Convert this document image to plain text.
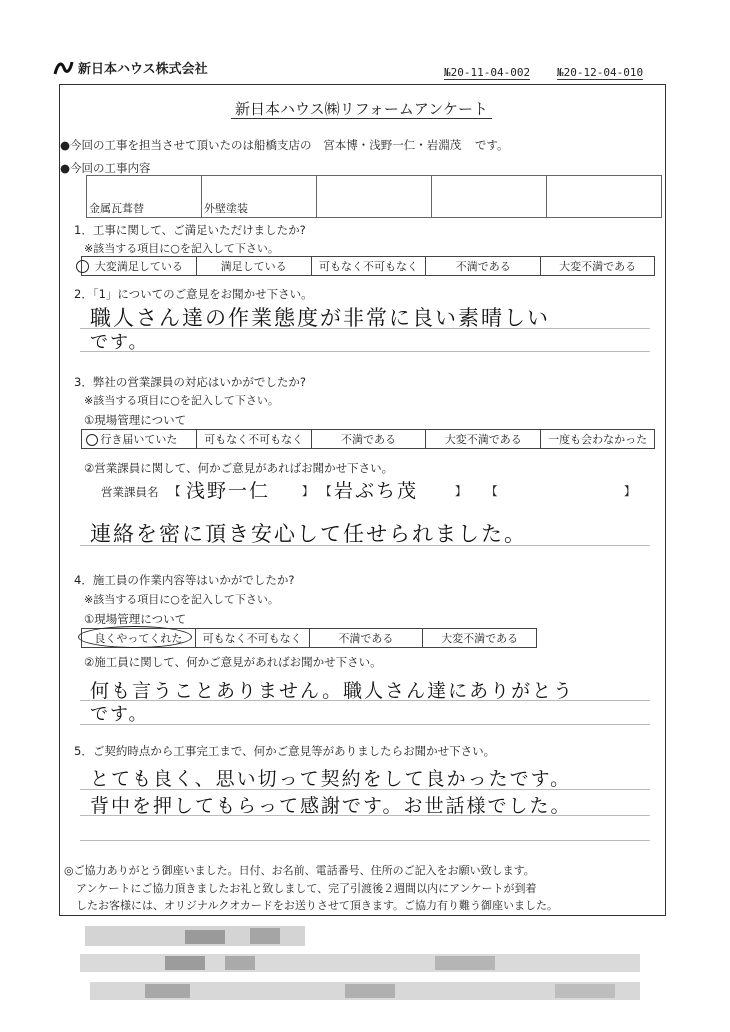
新日本ハウス株式会社	№20-11-04-002 №20-12-04-010
新日本ハウス㈱リフォームアンケート
●今回の工事を担当させて頂いたのは船橋支店の 宮本博・浅野一仁・岩淵茂 です。
●今回の工事内容
金属瓦葺替	外壁塗装			
1．工事に関して、ご満足いただけましたか?
※該当する項目に○を記入して下さい。
大変満足している	満足している	可もなく不可もなく	不満である	大変不満である
2．「1」についてのご意見をお聞かせ下さい。
職人さん達の作業態度が非常に良い素晴しい
です。
3．弊社の営業課員の対応はいかがでしたか?
※該当する項目に○を記入して下さい。
①現場管理について
行き届いていた	可もなく不可もなく	不満である	大変不満である	一度も会わなかった
②営業課員に関して、何かご意見があればお聞かせ下さい。
営業課員名 【 浅野一仁	】 【 岩ぶち茂	】 【	】
連絡を密に頂き安心して任せられました。
4．施工員の作業内容等はいかがでしたか?
※該当する項目に○を記入して下さい。
①現場管理について
良くやってくれた	可もなく不可もなく	不満である	大変不満である
②施工員に関して、何かご意見があればお聞かせ下さい。
何も言うことありません。職人さん達にありがとう
です。
5．ご契約時点から工事完工まで、何かご意見等がありましたらお聞かせ下さい。
とても良く、思い切って契約をして良かったです。
背中を押してもらって感謝です。お世話様でした。
◎ご協力ありがとう御座いました。日付、お名前、電話番号、住所のご記入をお願い致します。
アンケートにご協力頂きましたお礼と致しまして、完了引渡後２週間以内にアンケートが到着
したお客様には、オリジナルクオカードをお送りさせて頂きます。ご協力有り難う御座いました。
